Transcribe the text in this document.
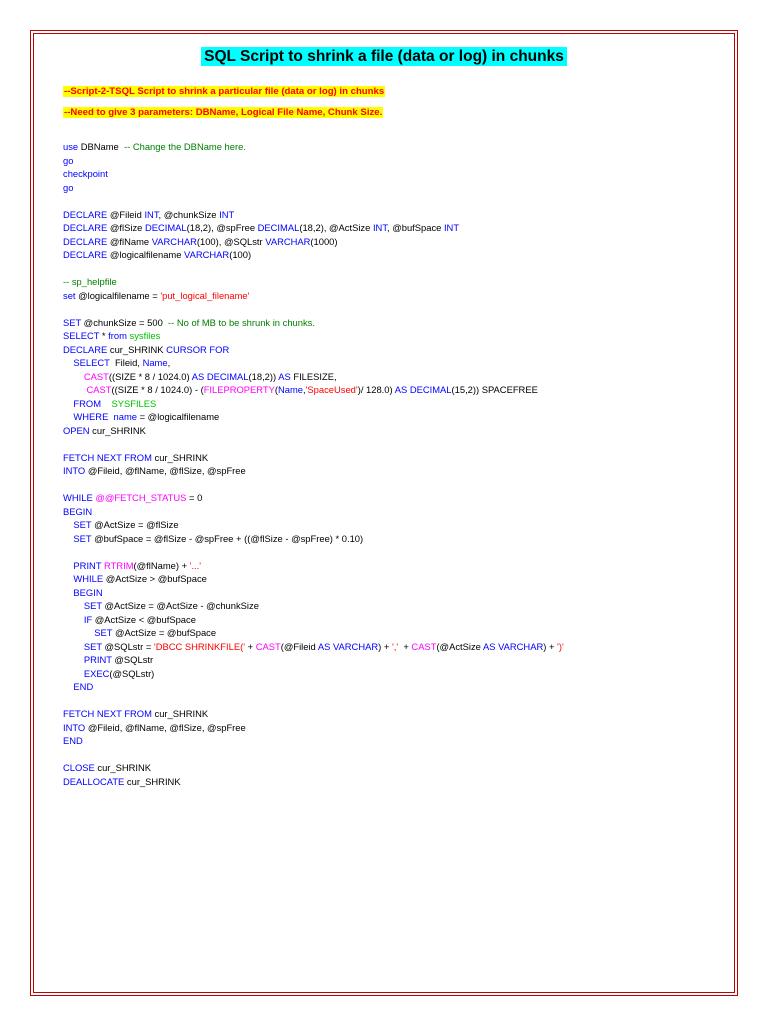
SQL Script to shrink a file (data or log) in chunks
--Script-2-TSQL Script to shrink a particular file (data or log) in chunks
--Need to give 3 parameters: DBName, Logical File Name, Chunk Size.
use DBName  -- Change the DBName here.
go
checkpoint
go

DECLARE @Fileid INT, @chunkSize INT
DECLARE @flSize DECIMAL(18,2), @spFree DECIMAL(18,2), @ActSize INT, @bufSpace INT
DECLARE @flName VARCHAR(100), @SQLstr VARCHAR(1000)
DECLARE @logicalfilename VARCHAR(100)

-- sp_helpfile
set @logicalfilename = 'put_logical_filename'

SET @chunkSize = 500  -- No of MB to be shrunk in chunks.
SELECT * from sysfiles
DECLARE cur_SHRINK CURSOR FOR
SELECT  Fileid, Name,
CAST((SIZE * 8 / 1024.0) AS DECIMAL(18,2)) AS FILESIZE,
CAST((SIZE * 8 / 1024.0) - (FILEPROPERTY(Name,'SpaceUsed')/ 128.0) AS DECIMAL(15,2)) SPACEFREE
FROM SYSFILES
WHERE name = @logicalfilename
OPEN cur_SHRINK

FETCH NEXT FROM cur_SHRINK
INTO @Fileid, @flName, @flSize, @spFree

WHILE @@FETCH_STATUS = 0
BEGIN
SET @ActSize = @flSize
SET @bufSpace = @flSize - @spFree + ((@flSize - @spFree) * 0.10)

PRINT RTRIM(@flName) + '...'
WHILE @ActSize > @bufSpace
BEGIN
SET @ActSize = @ActSize - @chunkSize
IF @ActSize < @bufSpace
SET @ActSize = @bufSpace
SET @SQLstr = 'DBCC SHRINKFILE(' + CAST(@Fileid AS VARCHAR) + ','  + CAST(@ActSize AS VARCHAR) + ')'
PRINT @SQLstr
EXEC(@SQLstr)
END

FETCH NEXT FROM cur_SHRINK
INTO @Fileid, @flName, @flSize, @spFree
END

CLOSE cur_SHRINK
DEALLOCATE cur_SHRINK
